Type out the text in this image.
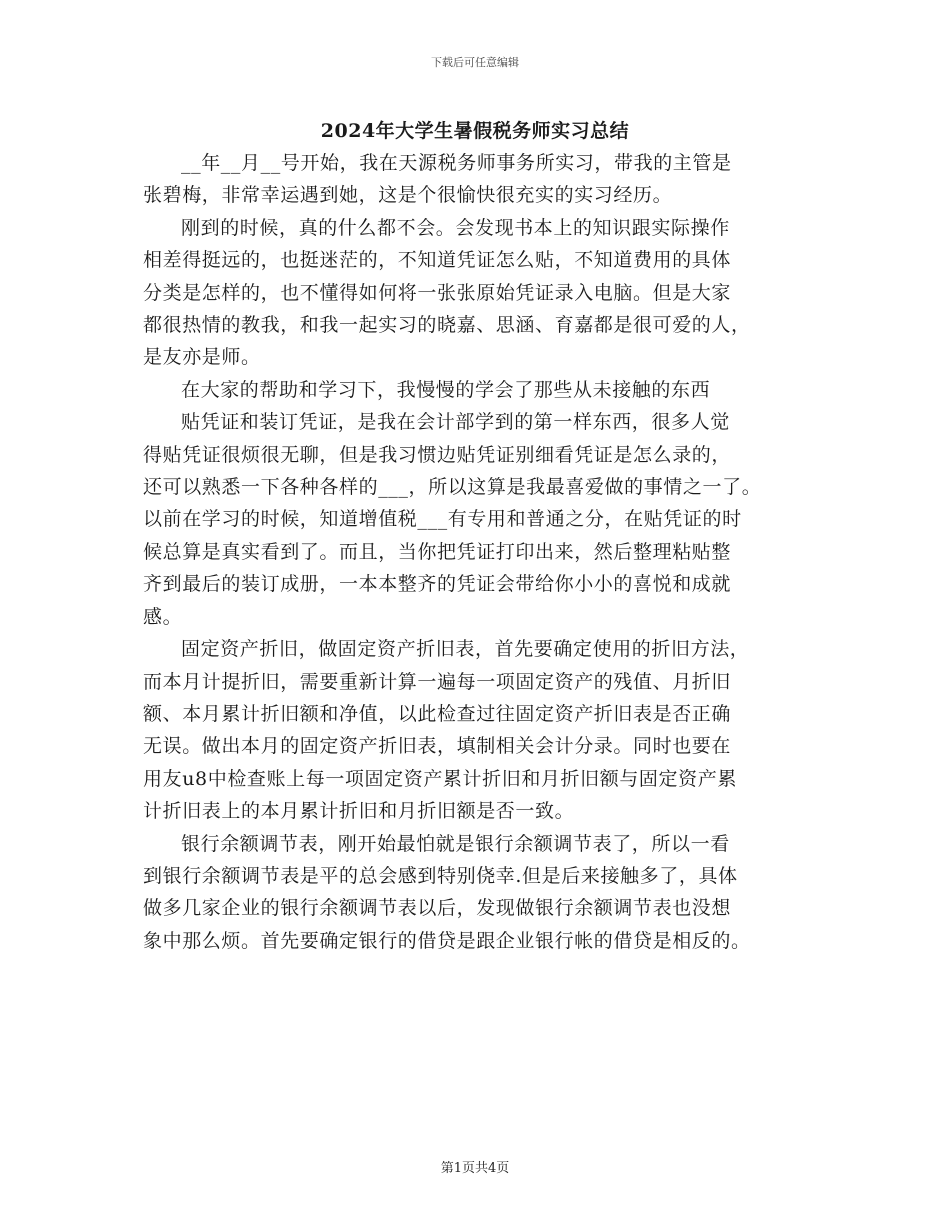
下载后可任意编辑
2024年大学生暑假税务师实习总结

__年__月__号开始，我在天源税务师事务所实习，带我的主管是
张碧梅，非常幸运遇到她，这是个很愉快很充实的实习经历。

刚到的时候，真的什么都不会。会发现书本上的知识跟实际操作
相差得挺远的，也挺迷茫的，不知道凭证怎么贴，不知道费用的具体
分类是怎样的，也不懂得如何将一张张原始凭证录入电脑。但是大家
都很热情的教我，和我一起实习的晓嘉、思涵、育嘉都是很可爱的人，
是友亦是师。

在大家的帮助和学习下，我慢慢的学会了那些从未接触的东西

贴凭证和装订凭证，是我在会计部学到的第一样东西，很多人觉
得贴凭证很烦很无聊，但是我习惯边贴凭证别细看凭证是怎么录的，
还可以熟悉一下各种各样的___，所以这算是我最喜爱做的事情之一了。
以前在学习的时候，知道增值税___有专用和普通之分，在贴凭证的时
候总算是真实看到了。而且，当你把凭证打印出来，然后整理粘贴整
齐到最后的装订成册，一本本整齐的凭证会带给你小小的喜悦和成就
感。

固定资产折旧，做固定资产折旧表，首先要确定使用的折旧方法，
而本月计提折旧，需要重新计算一遍每一项固定资产的残值、月折旧
额、本月累计折旧额和净值，以此检查过往固定资产折旧表是否正确
无误。做出本月的固定资产折旧表，填制相关会计分录。同时也要在
用友u8中检查账上每一项固定资产累计折旧和月折旧额与固定资产累
计折旧表上的本月累计折旧和月折旧额是否一致。

银行余额调节表，刚开始最怕就是银行余额调节表了，所以一看
到银行余额调节表是平的总会感到特别侥幸.但是后来接触多了，具体
做多几家企业的银行余额调节表以后，发现做银行余额调节表也没想
象中那么烦。首先要确定银行的借贷是跟企业银行帐的借贷是相反的。

第1页共4页
